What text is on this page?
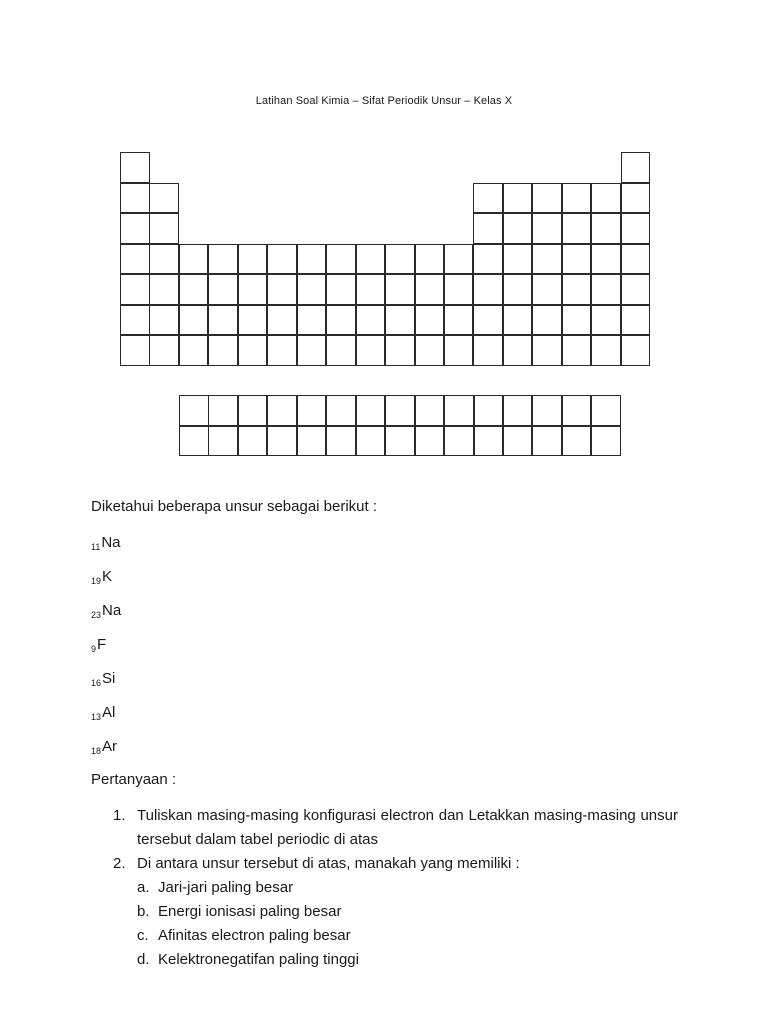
Latihan Soal Kimia – Sifat Periodik Unsur – Kelas X
Diketahui beberapa unsur sebagai berikut :
$_{11}$Na
$_{19}$K
$_{23}$Na
$_9$F
$_{16}$Si
$_{13}$Al
$_{18}$Ar
Pertanyaan :
1. Tuliskan masing-masing konfigurasi electron dan Letakkan masing-masing unsur tersebut dalam tabel periodic di atas
2. Di antara unsur tersebut di atas, manakah yang memiliki :
a. Jari-jari paling besar
b. Energi ionisasi paling besar
c. Afinitas electron paling besar
d. Kelektronegatifan paling tinggi
